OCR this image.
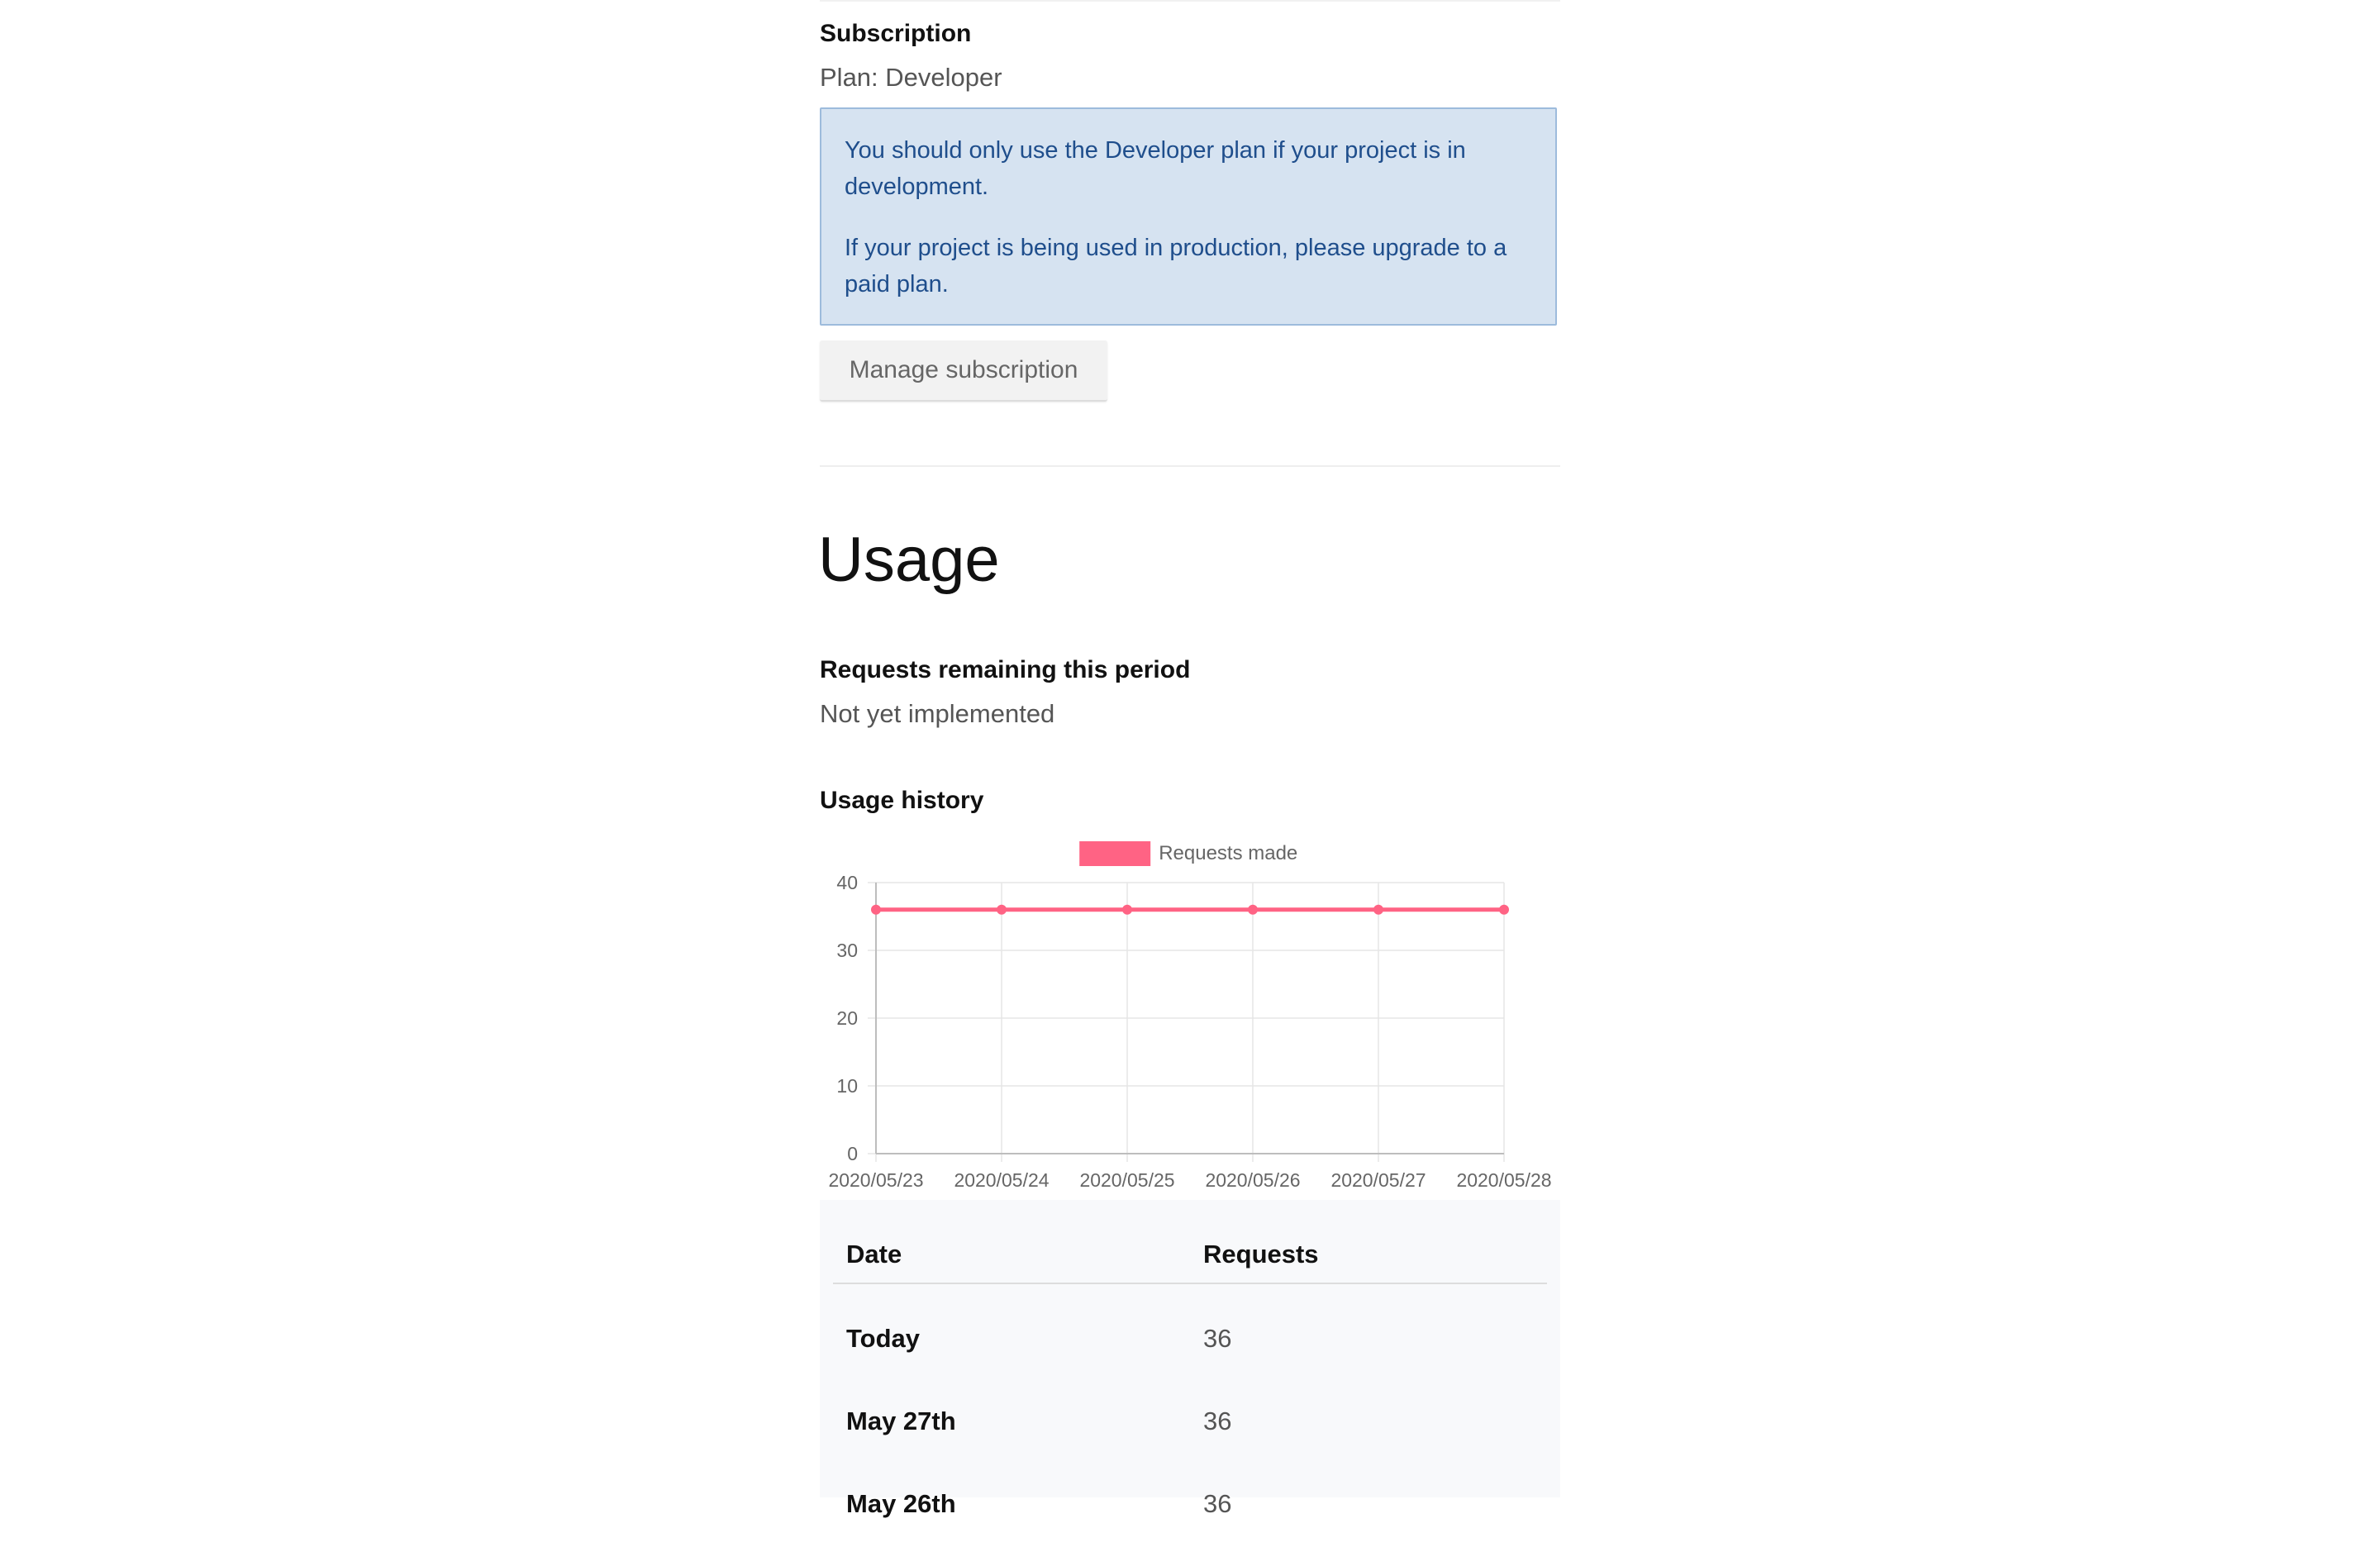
Subscription
Plan: Developer

You should only use the Developer plan if your project is in development.

If your project is being used in production, please upgrade to a paid plan.

Manage subscription
Usage
Requests remaining this period
Not yet implemented
Usage history
Requests made
0
10
20
30
40
2020/05/23 2020/05/24 2020/05/25 2020/05/26 2020/05/27 2020/05/28
Date	Requests
Today	36
May 27th	36
May 26th	36
